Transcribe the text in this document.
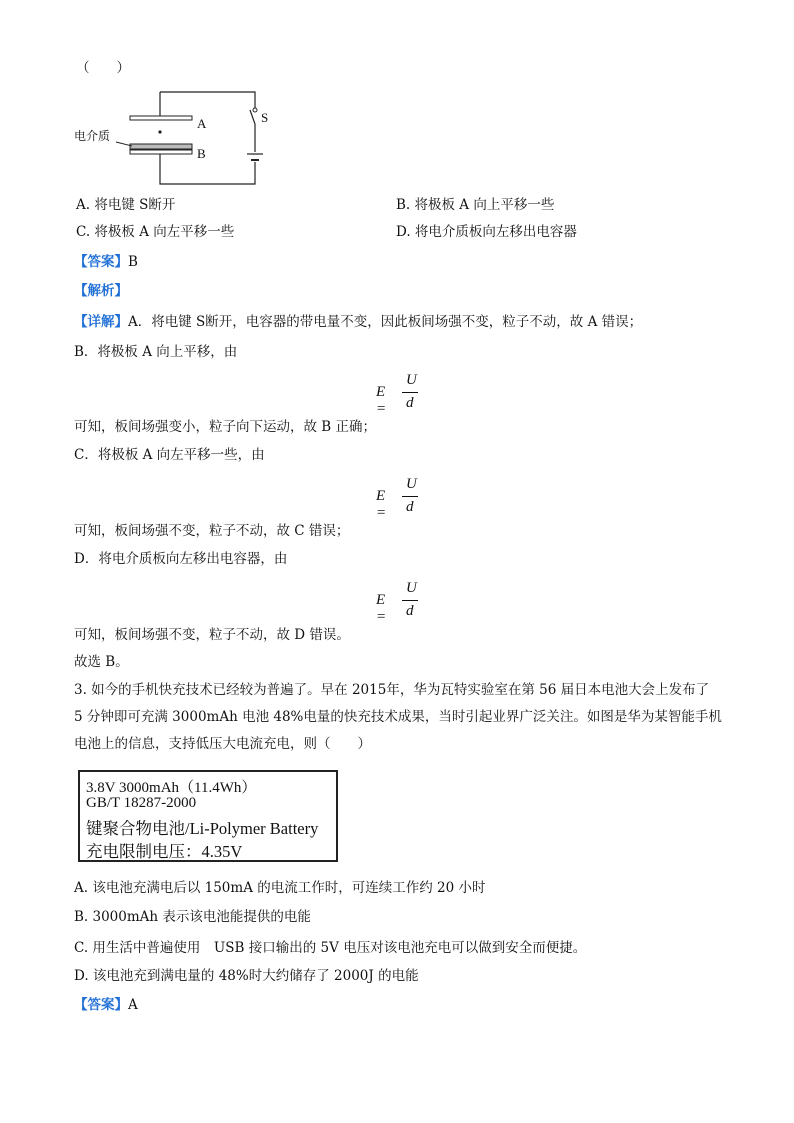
（　　）
A
B
S
电介质
A. 将电键 S断开	B. 将极板 A 向上平移一些
C. 将极板 A 向左平移一些	D. 将电介质板向左移出电容器
【答案】B
【解析】
【详解】A．将电键 S断开，电容器的带电量不变，因此板间场强不变，粒子不动，故 A 错误；
B．将极板 A 向上平移，由
E =
U
d
可知，板间场强变小，粒子向下运动，故 B 正确；
C．将极板 A 向左平移一些，由
E =
U
d
可知，板间场强不变，粒子不动，故 C 错误；
D．将电介质板向左移出电容器，由
E =
U
d
可知，板间场强不变，粒子不动，故 D 错误。
故选 B。
3. 如今的手机快充技术已经较为普遍了。早在 2015年，华为瓦特实验室在第 56 届日本电池大会上发布了
5 分钟即可充满 3000mAh 电池 48%电量的快充技术成果，当时引起业界广泛关注。如图是华为某智能手机
电池上的信息，支持低压大电流充电，则（　　）
3.8V 3000mAh（11.4Wh）
GB/T 18287-2000
键聚合物电池/Li-Polymer Battery
充电限制电压：4.35V
A. 该电池充满电后以 150mA 的电流工作时，可连续工作约 20 小时
B. 3000mAh 表示该电池能提供的电能
C. 用生活中普遍使用　USB 接口输出的 5V 电压对该电池充电可以做到安全而便捷。
D. 该电池充到满电量的 48%时大约储存了 2000J 的电能
【答案】A
